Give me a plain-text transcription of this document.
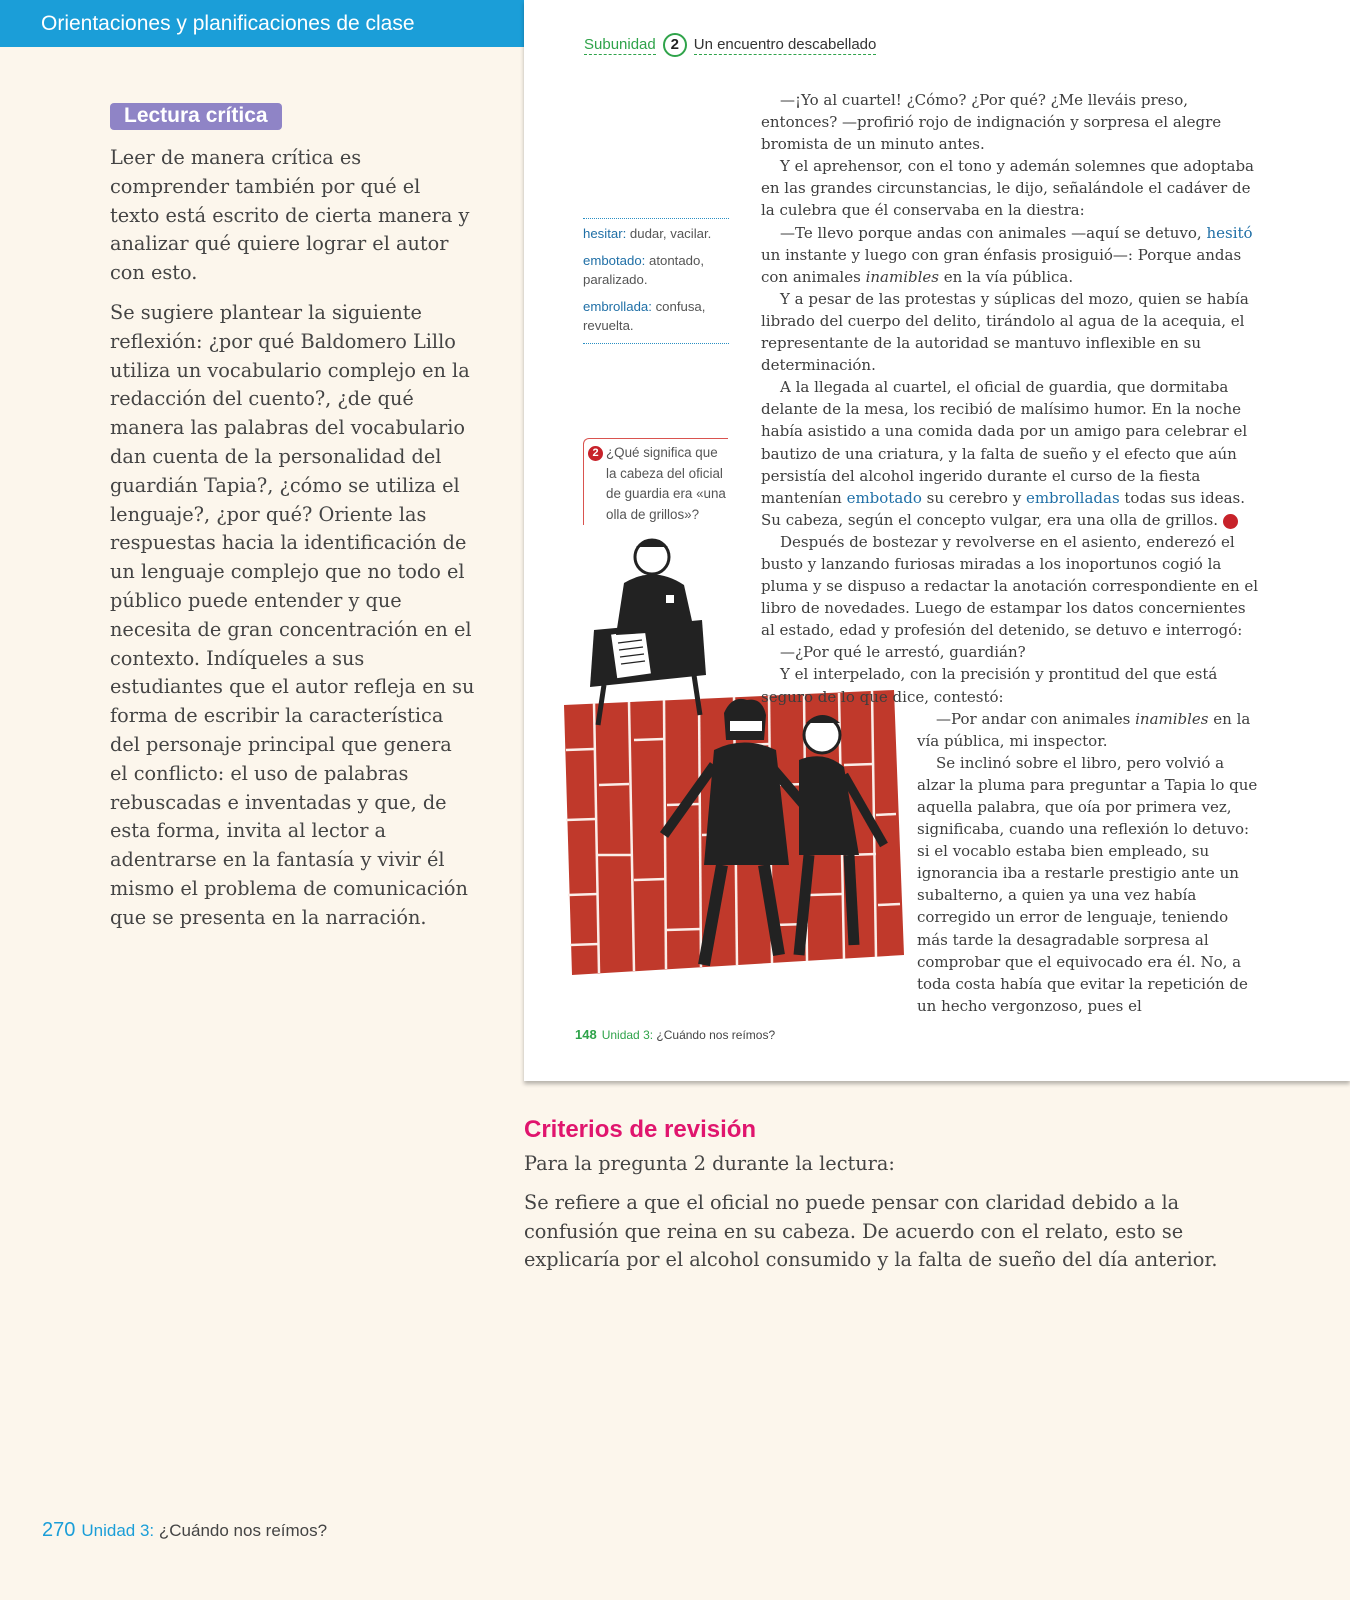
Orientaciones y planificaciones de clase
Lectura crítica

Leer de manera crítica es comprender también por qué el texto está escrito de cierta manera y analizar qué quiere lograr el autor con esto.

Se sugiere plantear la siguiente reflexión: ¿por qué Baldomero Lillo utiliza un vocabulario complejo en la redacción del cuento?, ¿de qué manera las palabras del vocabulario dan cuenta de la personalidad del guardián Tapia?, ¿cómo se utiliza el lenguaje?, ¿por qué? Oriente las respuestas hacia la identificación de un lenguaje complejo que no todo el público puede entender y que necesita de gran concentración en el contexto. Indíqueles a sus estudiantes que el autor refleja en su forma de escribir la característica del personaje principal que genera el conflicto: el uso de palabras rebuscadas e inventadas y que, de esta forma, invita al lector a adentrarse en la fantasía y vivir él mismo el problema de comunicación que se presenta en la narración.

Subunidad 2 Un encuentro descabellado
hesitar: dudar, vacilar.
embotado: atontado, paralizado.
embrollada: confusa, revuelta.
2 ¿Qué significa que la cabeza del oficial de guardia era «una olla de grillos»?

—¡Yo al cuartel! ¿Cómo? ¿Por qué? ¿Me lleváis preso, entonces? —profirió rojo de indignación y sorpresa el alegre bromista de un minuto antes.

Y el aprehensor, con el tono y ademán solemnes que adoptaba en las grandes circunstancias, le dijo, señalándole el cadáver de la culebra que él conservaba en la diestra:

—Te llevo porque andas con animales —aquí se detuvo, hesitó un instante y luego con gran énfasis prosiguió—: Porque andas con animales inamibles en la vía pública.

Y a pesar de las protestas y súplicas del mozo, quien se había librado del cuerpo del delito, tirándolo al agua de la acequia, el representante de la autoridad se mantuvo inflexible en su determinación.

A la llegada al cuartel, el oficial de guardia, que dormitaba delante de la mesa, los recibió de malísimo humor. En la noche había asistido a una comida dada por un amigo para celebrar el bautizo de una criatura, y la falta de sueño y el efecto que aún persistía del alcohol ingerido durante el curso de la fiesta mantenían embotado su cerebro y embrolladas todas sus ideas. Su cabeza, según el concepto vulgar, era una olla de grillos. 2

Después de bostezar y revolverse en el asiento, enderezó el busto y lanzando furiosas miradas a los inoportunos cogió la pluma y se dispuso a redactar la anotación correspondiente en el libro de novedades. Luego de estampar los datos concernientes al estado, edad y profesión del detenido, se detuvo e interrogó:

—¿Por qué le arrestó, guardián?

Y el interpelado, con la precisión y prontitud del que está seguro de lo que dice, contestó:

—Por andar con animales inamibles en la vía pública, mi inspector.

Se inclinó sobre el libro, pero volvió a alzar la pluma para preguntar a Tapia lo que aquella palabra, que oía por primera vez, significaba, cuando una reflexión lo detuvo: si el vocablo estaba bien empleado, su ignorancia iba a restarle prestigio ante un subalterno, a quien ya una vez había corregido un error de lenguaje, teniendo más tarde la desagradable sorpresa al comprobar que el equivocado era él. No, a toda costa había que evitar la repetición de un hecho vergonzoso, pues el

148 Unidad 3: ¿Cuándo nos reímos?
Criterios de revisión

Para la pregunta 2 durante la lectura:

Se refiere a que el oficial no puede pensar con claridad debido a la confusión que reina en su cabeza. De acuerdo con el relato, esto se explicaría por el alcohol consumido y la falta de sueño del día anterior.

270 Unidad 3: ¿Cuándo nos reímos?
